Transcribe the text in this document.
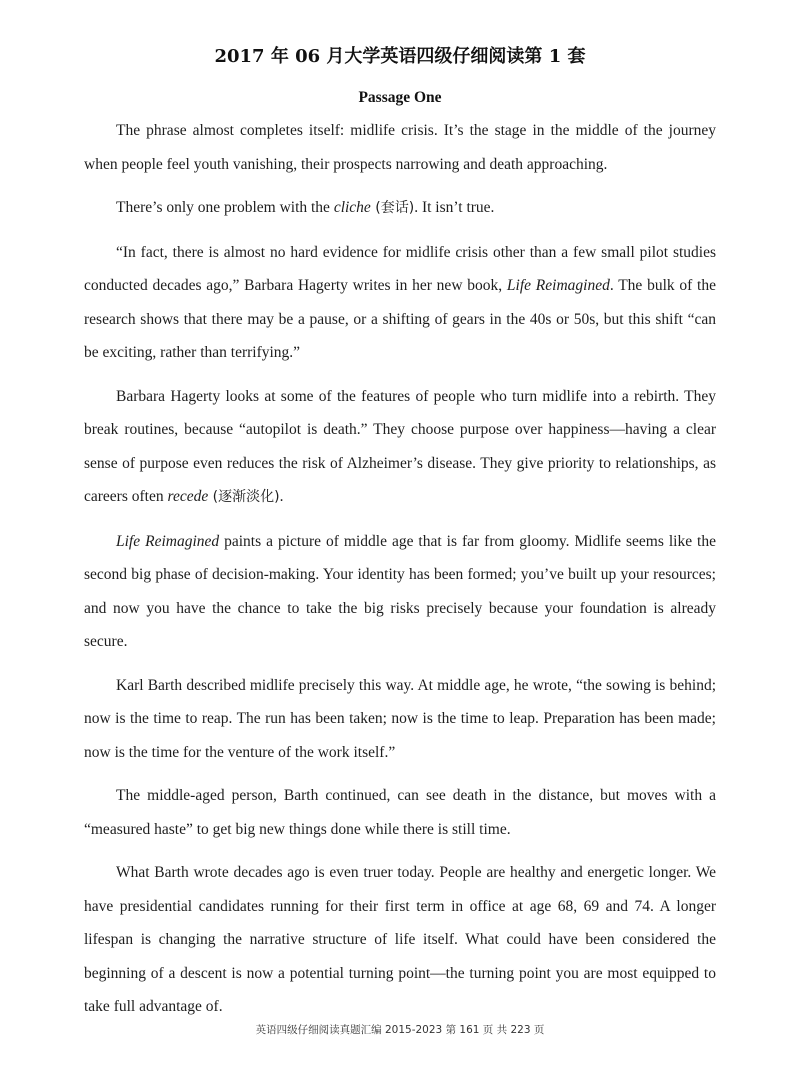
2017 年 06 月大学英语四级仔细阅读第 1 套
Passage One

The phrase almost completes itself: midlife crisis. It’s the stage in the middle of the journey when people feel youth vanishing, their prospects narrowing and death approaching.

There’s only one problem with the cliche (套话). It isn’t true.

“In fact, there is almost no hard evidence for midlife crisis other than a few small pilot studies conducted decades ago,” Barbara Hagerty writes in her new book, Life Reimagined. The bulk of the research shows that there may be a pause, or a shifting of gears in the 40s or 50s, but this shift “can be exciting, rather than terrifying.”

Barbara Hagerty looks at some of the features of people who turn midlife into a rebirth. They break routines, because “autopilot is death.” They choose purpose over happiness—having a clear sense of purpose even reduces the risk of Alzheimer’s disease. They give priority to relationships, as careers often recede (逐渐淡化).

Life Reimagined paints a picture of middle age that is far from gloomy. Midlife seems like the second big phase of decision-making. Your identity has been formed; you’ve built up your resources; and now you have the chance to take the big risks precisely because your foundation is already secure.

Karl Barth described midlife precisely this way. At middle age, he wrote, “the sowing is behind; now is the time to reap. The run has been taken; now is the time to leap. Preparation has been made; now is the time for the venture of the work itself.”

The middle-aged person, Barth continued, can see death in the distance, but moves with a “measured haste” to get big new things done while there is still time.

What Barth wrote decades ago is even truer today. People are healthy and energetic longer. We have presidential candidates running for their first term in office at age 68, 69 and 74. A longer lifespan is changing the narrative structure of life itself. What could have been considered the beginning of a descent is now a potential turning point—the turning point you are most equipped to take full advantage of.

英语四级仔细阅读真题汇编 2015-2023 第 161 页 共 223 页
